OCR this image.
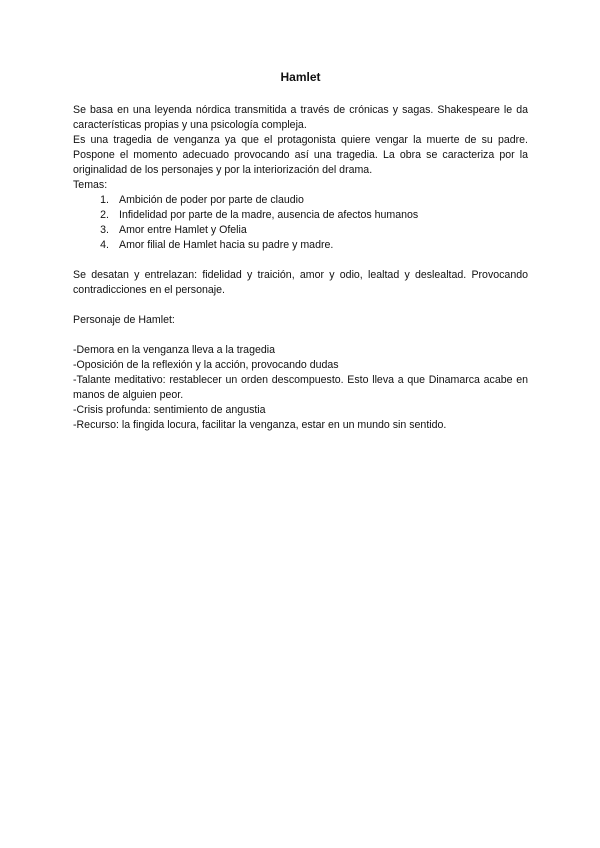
Hamlet

Se basa en una leyenda nórdica transmitida a través de crónicas y sagas. Shakespeare le da características propias y una psicología compleja.

Es una tragedia de venganza ya que el protagonista quiere vengar la muerte de su padre. Pospone el momento adecuado provocando así una tragedia. La obra se caracteriza por la originalidad de los personajes y por la interiorización del drama.

Temas:

1. Ambición de poder por parte de claudio
2. Infidelidad por parte de la madre, ausencia de afectos humanos
3. Amor entre Hamlet y Ofelia
4. Amor filial de Hamlet hacia su padre y madre.

Se desatan y entrelazan: fidelidad y traición, amor y odio, lealtad y deslealtad. Provocando contradicciones en el personaje.

Personaje de Hamlet:

-Demora en la venganza lleva a la tragedia

-Oposición de la reflexión y la acción, provocando dudas

-Talante meditativo: restablecer un orden descompuesto. Esto lleva a que Dinamarca acabe en manos de alguien peor.

-Crisis profunda: sentimiento de angustia

-Recurso: la fingida locura, facilitar la venganza, estar en un mundo sin sentido.
